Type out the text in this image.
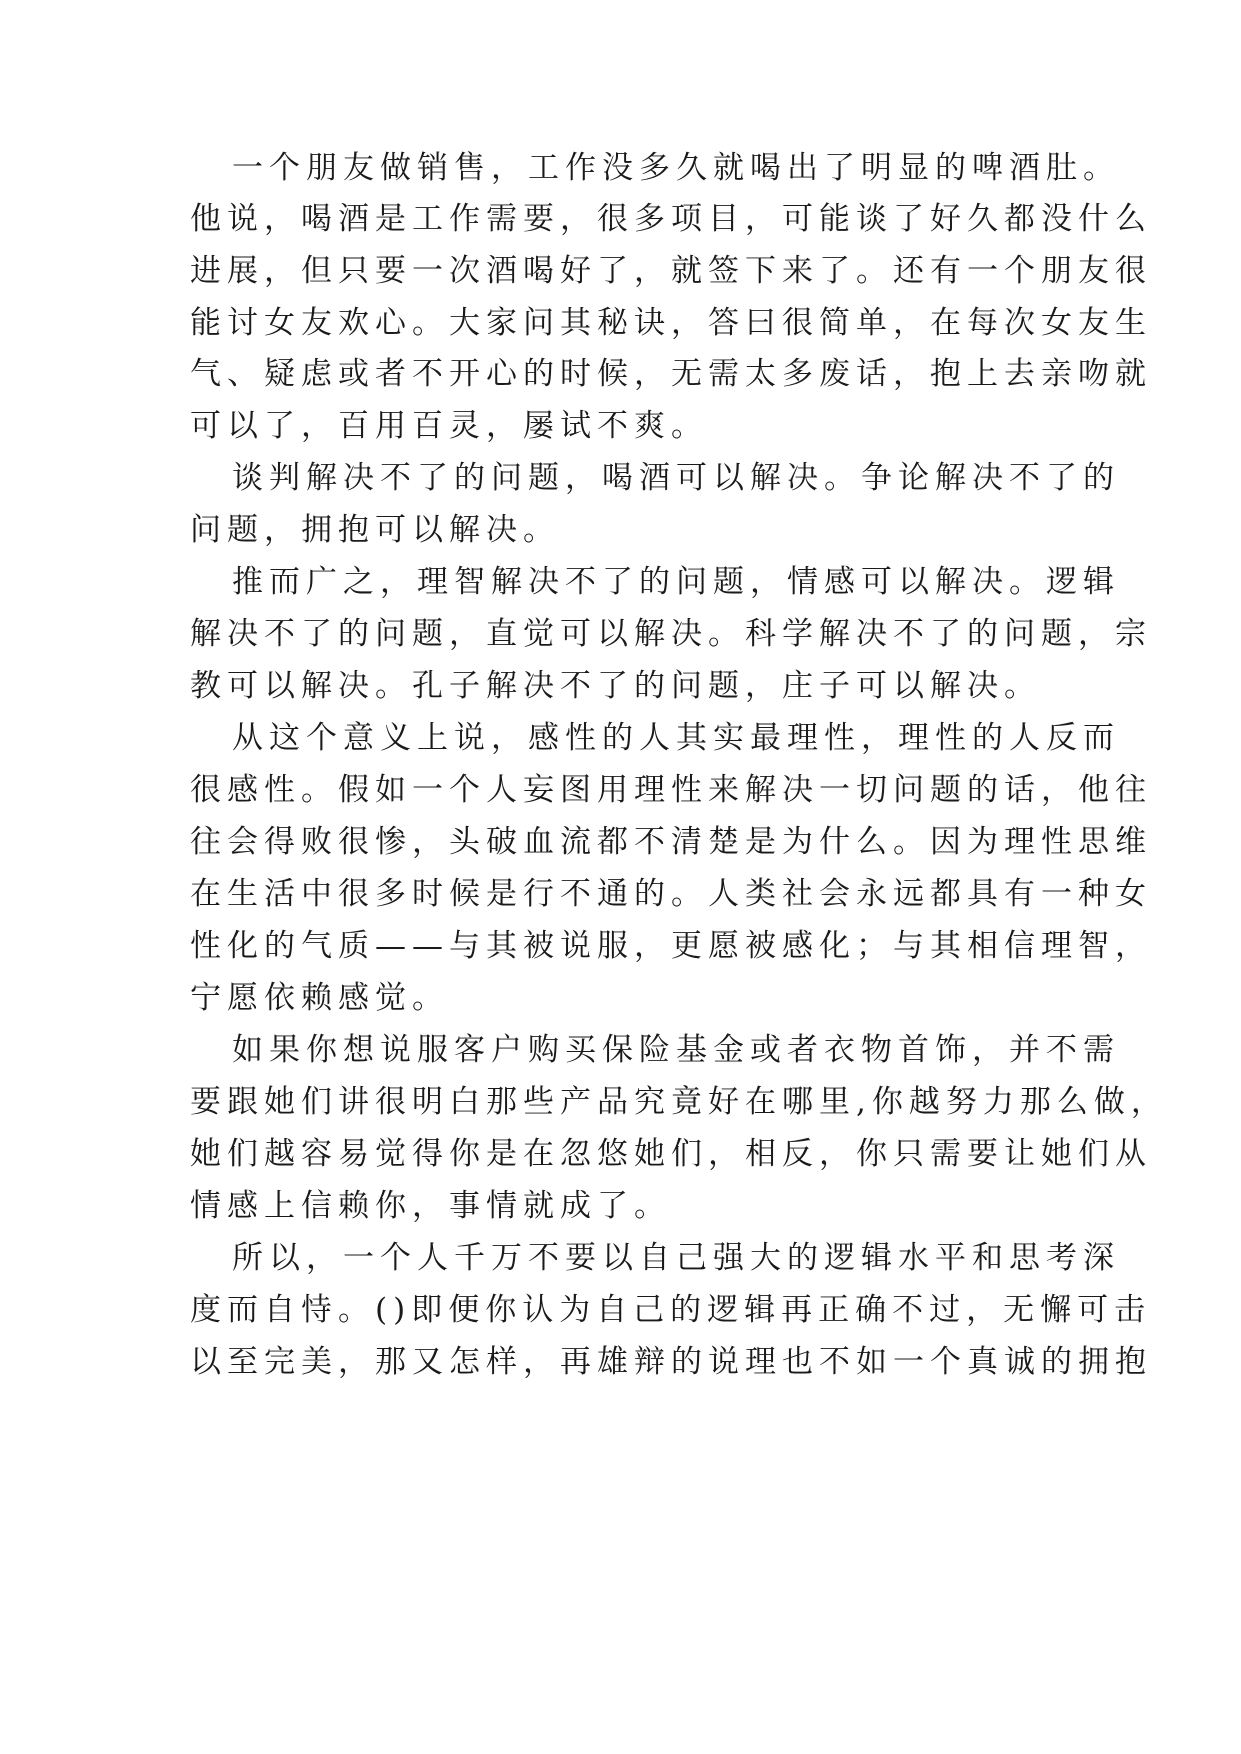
一个朋友做销售，工作没多久就喝出了明显的啤酒肚。
他说，喝酒是工作需要，很多项目，可能谈了好久都没什么
进展，但只要一次酒喝好了，就签下来了。还有一个朋友很
能讨女友欢心。大家问其秘诀，答曰很简单，在每次女友生
气、疑虑或者不开心的时候，无需太多废话，抱上去亲吻就
可以了，百用百灵，屡试不爽。
谈判解决不了的问题，喝酒可以解决。争论解决不了的
问题，拥抱可以解决。
推而广之，理智解决不了的问题，情感可以解决。逻辑
解决不了的问题，直觉可以解决。科学解决不了的问题，宗
教可以解决。孔子解决不了的问题，庄子可以解决。
从这个意义上说，感性的人其实最理性，理性的人反而
很感性。假如一个人妄图用理性来解决一切问题的话，他往
往会得败很惨，头破血流都不清楚是为什么。因为理性思维
在生活中很多时候是行不通的。人类社会永远都具有一种女
性化的气质——与其被说服，更愿被感化；与其相信理智，
宁愿依赖感觉。
如果你想说服客户购买保险基金或者衣物首饰，并不需
要跟她们讲很明白那些产品究竟好在哪里,你越努力那么做，
她们越容易觉得你是在忽悠她们，相反，你只需要让她们从
情感上信赖你，事情就成了。
所以，一个人千万不要以自己强大的逻辑水平和思考深
度而自恃。()即便你认为自己的逻辑再正确不过，无懈可击
以至完美，那又怎样，再雄辩的说理也不如一个真诚的拥抱
